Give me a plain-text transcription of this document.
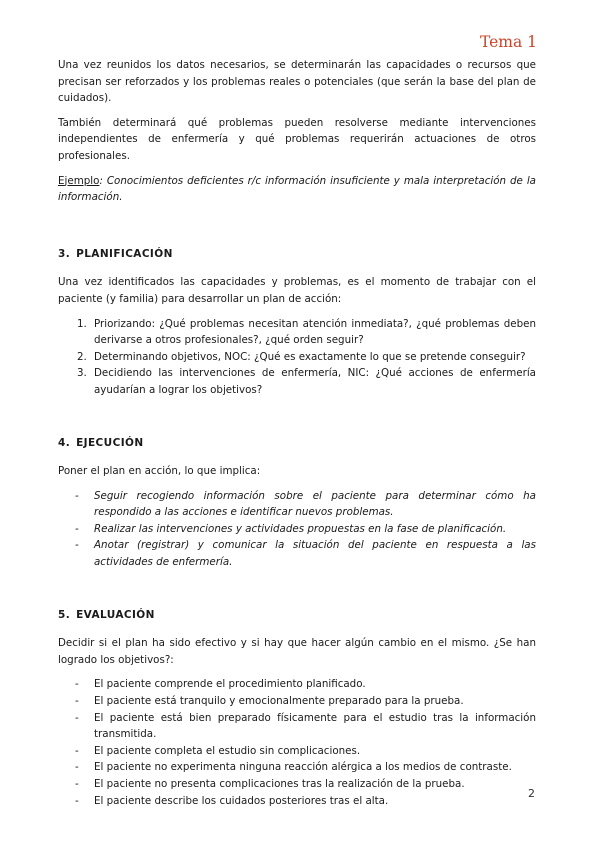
Tema 1

Una vez reunidos los datos necesarios, se determinarán las capacidades o recursos que precisan ser reforzados y los problemas reales o potenciales (que serán la base del plan de cuidados).

También determinará qué problemas pueden resolverse mediante intervenciones independientes de enfermería y qué problemas requerirán actuaciones de otros profesionales.

Ejemplo: Conocimientos deficientes r/c información insuficiente y mala interpretación de la información.

3. PLANIFICACIÓN

Una vez identificados las capacidades y problemas, es el momento de trabajar con el paciente (y familia) para desarrollar un plan de acción:

1. Priorizando: ¿Qué problemas necesitan atención inmediata?, ¿qué problemas deben derivarse a otros profesionales?, ¿qué orden seguir?
2. Determinando objetivos, NOC: ¿Qué es exactamente lo que se pretende conseguir?
3. Decidiendo las intervenciones de enfermería, NIC: ¿Qué acciones de enfermería ayudarían a lograr los objetivos?
4. EJECUCIÓN

Poner el plan en acción, lo que implica:

- Seguir recogiendo información sobre el paciente para determinar cómo ha respondido a las acciones e identificar nuevos problemas.
- Realizar las intervenciones y actividades propuestas en la fase de planificación.
- Anotar (registrar) y comunicar la situación del paciente en respuesta a las actividades de enfermería.
5. EVALUACIÓN

Decidir si el plan ha sido efectivo y si hay que hacer algún cambio en el mismo. ¿Se han logrado los objetivos?:

- El paciente comprende el procedimiento planificado.
- El paciente está tranquilo y emocionalmente preparado para la prueba.
- El paciente está bien preparado físicamente para el estudio tras la información transmitida.
- El paciente completa el estudio sin complicaciones.
- El paciente no experimenta ninguna reacción alérgica a los medios de contraste.
- El paciente no presenta complicaciones tras la realización de la prueba.
- El paciente describe los cuidados posteriores tras el alta.
2
